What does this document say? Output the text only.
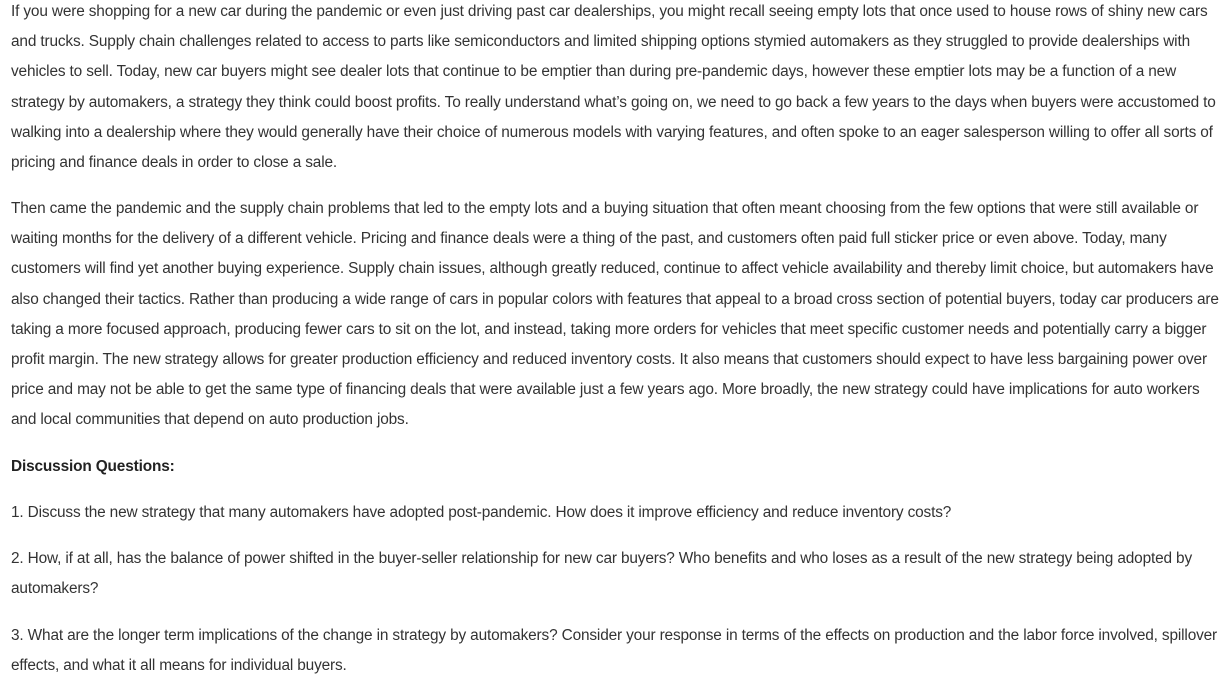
If you were shopping for a new car during the pandemic or even just driving past car dealerships, you might recall seeing empty lots that once used to house rows of shiny new cars and trucks. Supply chain challenges related to access to parts like semiconductors and limited shipping options stymied automakers as they struggled to provide dealerships with vehicles to sell. Today, new car buyers might see dealer lots that continue to be emptier than during pre-pandemic days, however these emptier lots may be a function of a new strategy by automakers, a strategy they think could boost profits. To really understand what’s going on, we need to go back a few years to the days when buyers were accustomed to walking into a dealership where they would generally have their choice of numerous models with varying features, and often spoke to an eager salesperson willing to offer all sorts of pricing and finance deals in order to close a sale.

Then came the pandemic and the supply chain problems that led to the empty lots and a buying situation that often meant choosing from the few options that were still available or waiting months for the delivery of a different vehicle. Pricing and finance deals were a thing of the past, and customers often paid full sticker price or even above. Today, many customers will find yet another buying experience. Supply chain issues, although greatly reduced, continue to affect vehicle availability and thereby limit choice, but automakers have also changed their tactics. Rather than producing a wide range of cars in popular colors with features that appeal to a broad cross section of potential buyers, today car producers are taking a more focused approach, producing fewer cars to sit on the lot, and instead, taking more orders for vehicles that meet specific customer needs and potentially carry a bigger profit margin. The new strategy allows for greater production efficiency and reduced inventory costs. It also means that customers should expect to have less bargaining power over price and may not be able to get the same type of financing deals that were available just a few years ago. More broadly, the new strategy could have implications for auto workers and local communities that depend on auto production jobs.

Discussion Questions:

1. Discuss the new strategy that many automakers have adopted post-pandemic. How does it improve efficiency and reduce inventory costs?

2. How, if at all, has the balance of power shifted in the buyer-seller relationship for new car buyers? Who benefits and who loses as a result of the new strategy being adopted by automakers?

3. What are the longer term implications of the change in strategy by automakers? Consider your response in terms of the effects on production and the labor force involved, spillover effects, and what it all means for individual buyers.
